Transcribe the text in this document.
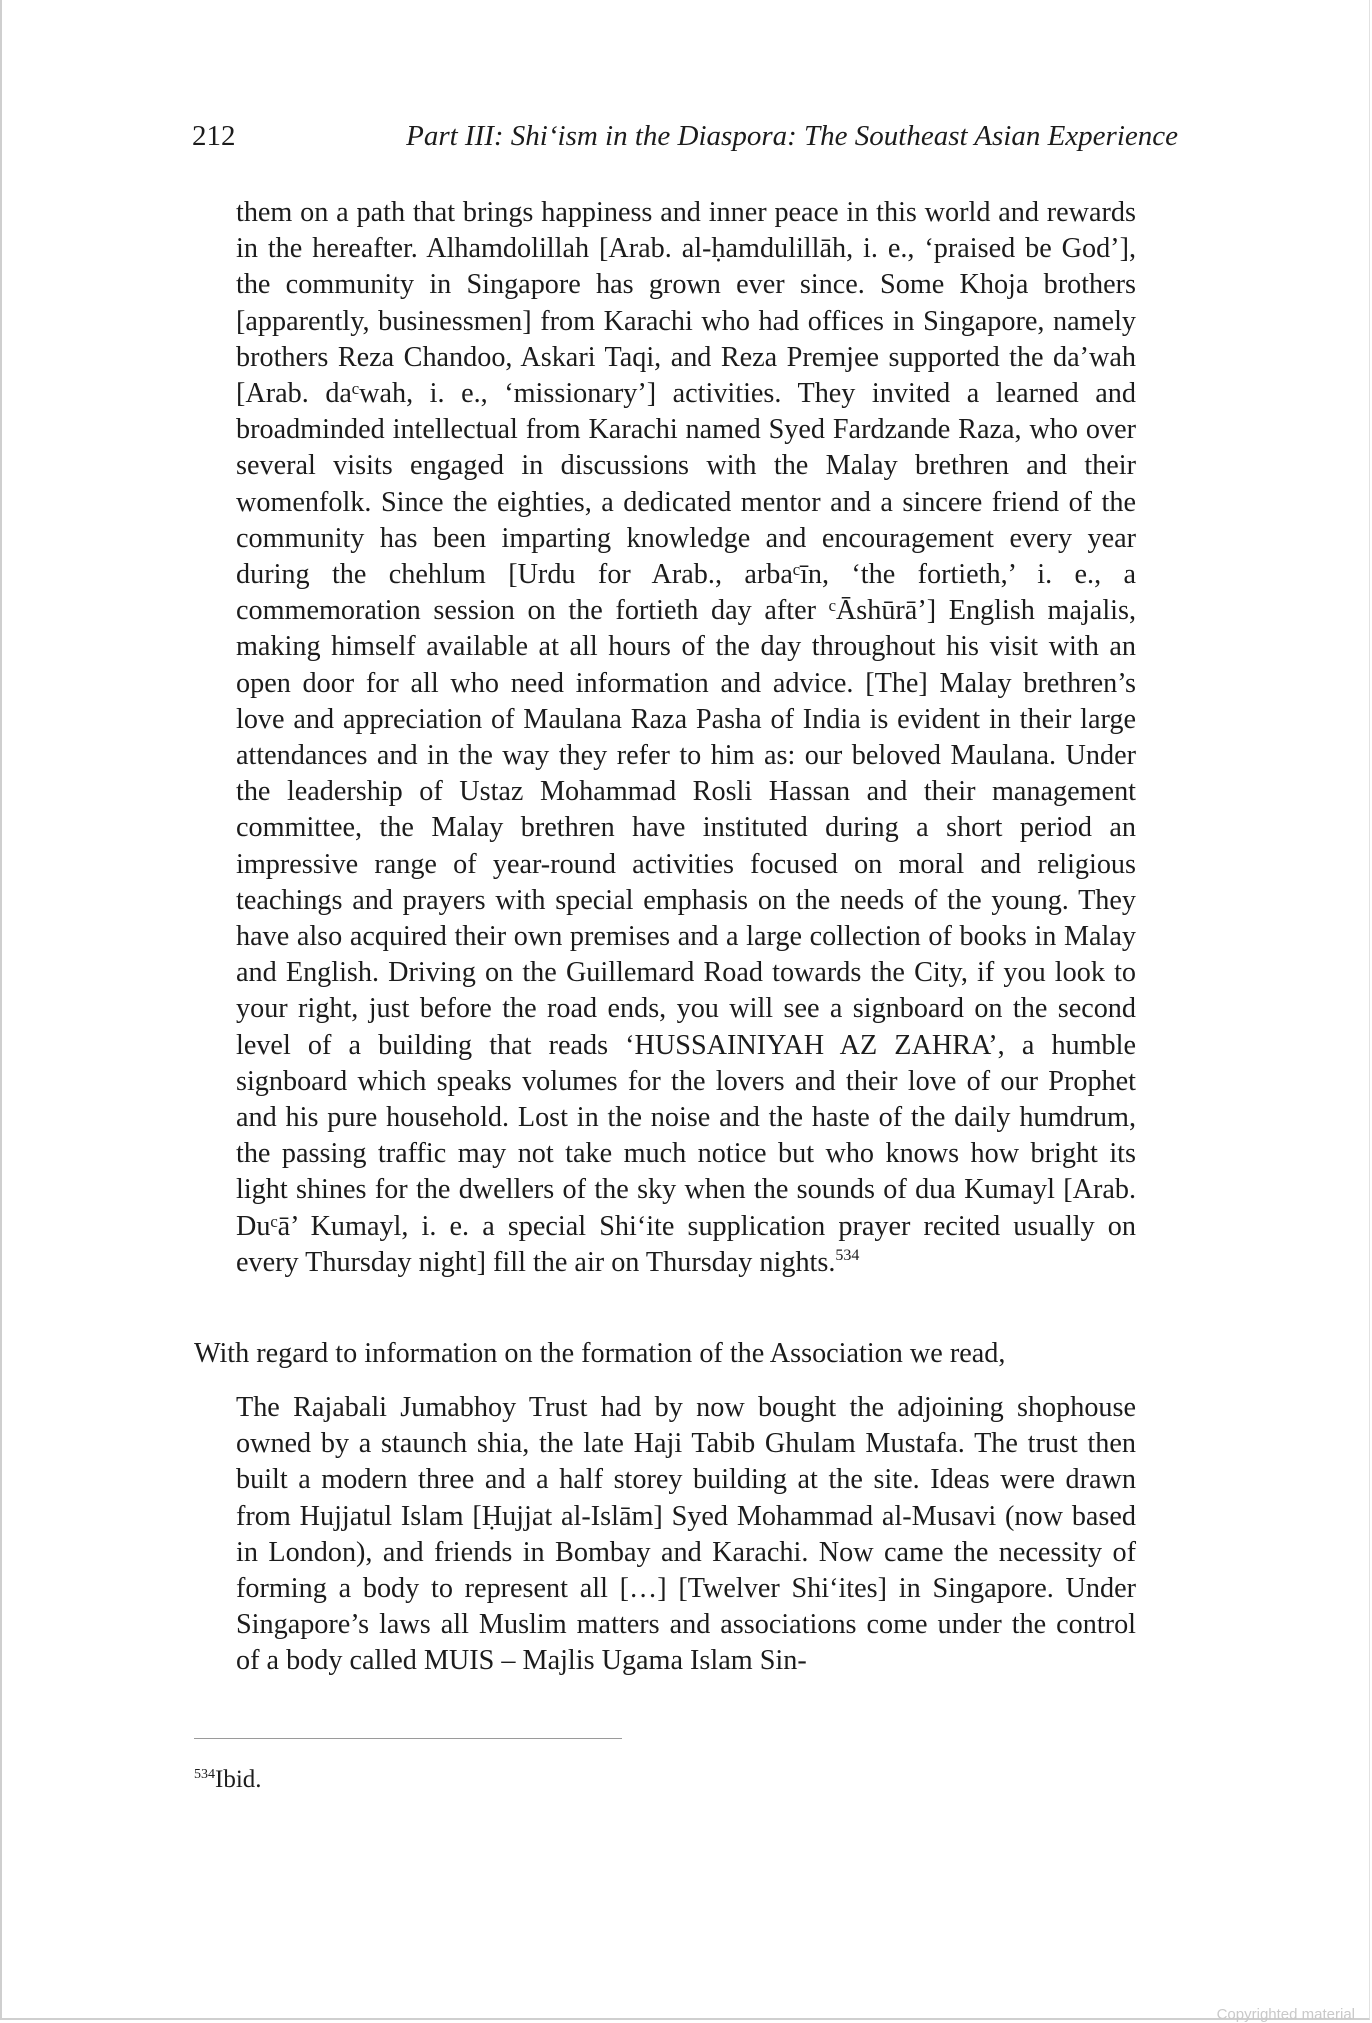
212	Part III: Shi‘ism in the Diaspora: The Southeast Asian Experience

them on a path that brings happiness and inner peace in this world and rewards in the hereafter. Alhamdolillah [Arab. al-ḥamdulillāh, i. e., ‘praised be God’], the community in Singapore has grown ever since. Some Khoja brothers [apparently, businessmen] from Karachi who had offices in Singapore, namely brothers Reza Chandoo, Askari Taqi, and Reza Premjee supported the da’wah [Arab. daᶜwah, i. e., ‘missionary’] activities. They invited a learned and broadminded intellectual from Karachi named Syed Fardzande Raza, who over several visits engaged in discussions with the Malay brethren and their womenfolk. Since the eighties, a dedicated mentor and a sincere friend of the community has been imparting knowledge and encouragement every year during the chehlum [Urdu for Arab., arbaᶜīn, ‘the fortieth,’ i. e., a commemoration session on the fortieth day after ᶜĀshūrā’] English majalis, making himself available at all hours of the day throughout his visit with an open door for all who need information and advice. [The] Malay brethren’s love and appreciation of Maulana Raza Pasha of India is evident in their large attendances and in the way they refer to him as: our beloved Maulana. Under the leadership of Ustaz Mohammad Rosli Hassan and their management committee, the Malay brethren have instituted during a short period an impressive range of year-round activities focused on moral and religious teachings and prayers with special emphasis on the needs of the young. They have also acquired their own premises and a large collection of books in Malay and English. Driving on the Guillemard Road towards the City, if you look to your right, just before the road ends, you will see a signboard on the second level of a building that reads ‘HUSSAINIYAH AZ ZAHRA’, a humble signboard which speaks volumes for the lovers and their love of our Prophet and his pure household. Lost in the noise and the haste of the daily humdrum, the passing traffic may not take much notice but who knows how bright its light shines for the dwellers of the sky when the sounds of dua Kumayl [Arab. Duᶜā’ Kumayl, i. e. a special Shi‘ite supplication prayer recited usually on every Thursday night] fill the air on Thursday nights.$^{534}$

With regard to information on the formation of the Association we read,

The Rajabali Jumabhoy Trust had by now bought the adjoining shophouse owned by a staunch shia, the late Haji Tabib Ghulam Mustafa. The trust then built a modern three and a half storey building at the site. Ideas were drawn from Hujjatul Islam [Ḥujjat al-Islām] Syed Mohammad al-Musavi (now based in London), and friends in Bombay and Karachi. Now came the necessity of forming a body to represent all […] [Twelver Shi‘ites] in Singapore. Under Singapore’s laws all Muslim matters and associations come under the control of a body called MUIS – Majlis Ugama Islam Sin-

$^{534}$Ibid.
Copyrighted material
